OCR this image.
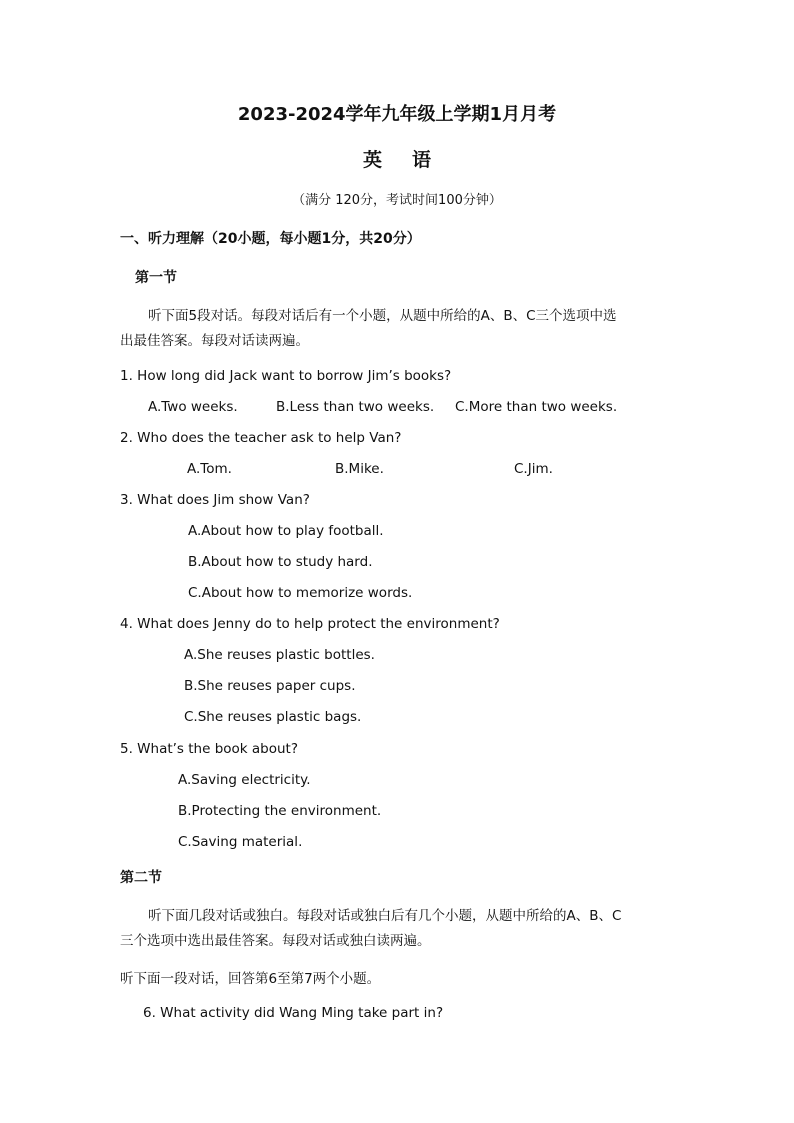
2023-2024学年九年级上学期1月月考
英 语
（满分 120分，考试时间100分钟）
一、听力理解（20小题，每小题1分，共20分）
第一节
听下面5段对话。每段对话后有一个小题，从题中所给的A、B、C三个选项中选
出最佳答案。每段对话读两遍。
1. How long did Jack want to borrow Jim’s books?
A.Two weeks.	B.Less than two weeks. C.More than two weeks.
2. Who does the teacher ask to help Van?
A.Tom.	B.Mike.	C.Jim.
3. What does Jim show Van?
A.About how to play football.
B.About how to study hard.
C.About how to memorize words.
4. What does Jenny do to help protect the environment?
A.She reuses plastic bottles.
B.She reuses paper cups.
C.She reuses plastic bags.
5. What’s the book about?
A.Saving electricity.
B.Protecting the environment.
C.Saving material.
第二节
听下面几段对话或独白。每段对话或独白后有几个小题，从题中所给的A、B、C
三个选项中选出最佳答案。每段对话或独白读两遍。
听下面一段对话，回答第6至第7两个小题。
6. What activity did Wang Ming take part in?
